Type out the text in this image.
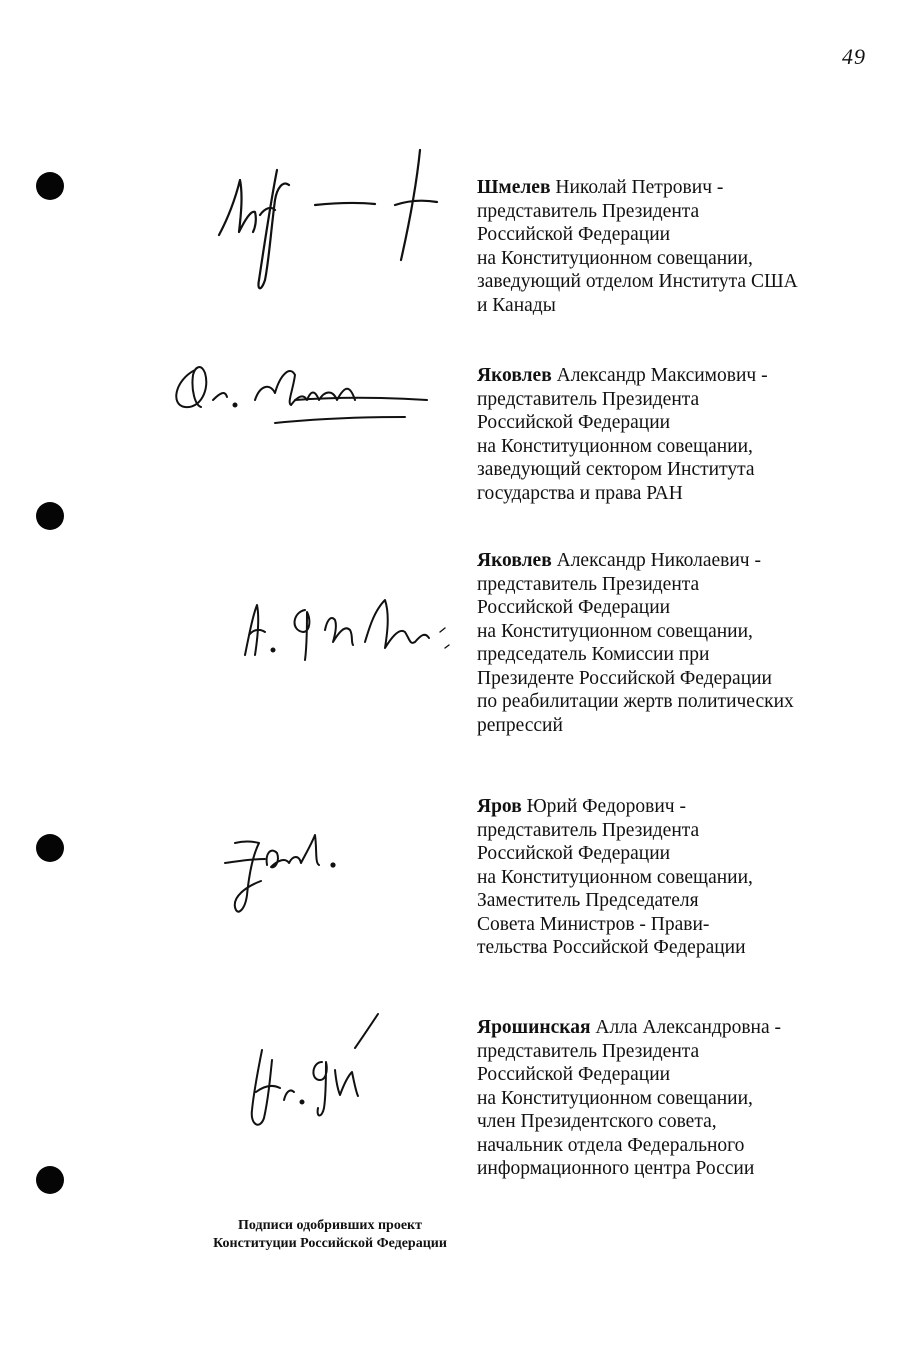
49
Шмелев Николай Петрович -
представитель Президента
Российской Федерации
на Конституционном совещании,
заведующий отделом Института США
и Канады
Яковлев Александр Максимович -
представитель Президента
Российской Федерации
на Конституционном совещании,
заведующий сектором Института
государства и права РАН
Яковлев Александр Николаевич -
представитель Президента
Российской Федерации
на Конституционном совещании,
председатель Комиссии при
Президенте Российской Федерации
по реабилитации жертв политических
репрессий
Яров Юрий Федорович -
представитель Президента
Российской Федерации
на Конституционном совещании,
Заместитель Председателя
Совета Министров - Прави-
тельства Российской Федерации
Ярошинская Алла Александровна -
представитель Президента
Российской Федерации
на Конституционном совещании,
член Президентского совета,
начальник отдела Федерального
информационного центра России
Подписи одобривших проект
Конституции Российской Федерации
